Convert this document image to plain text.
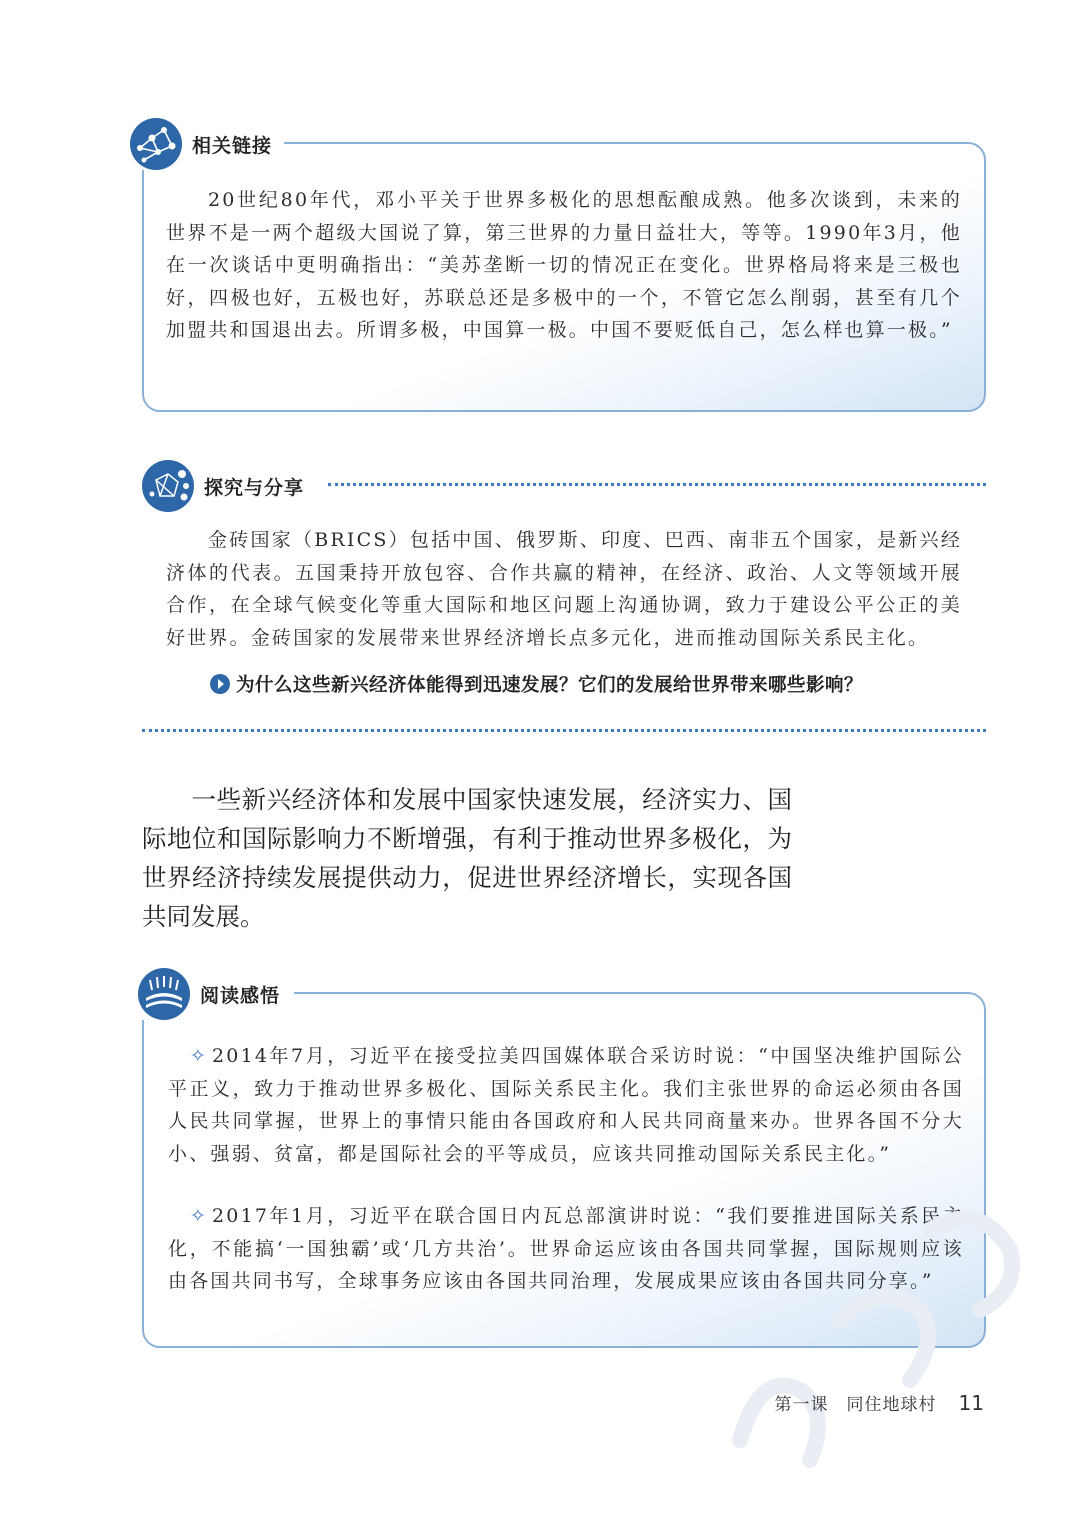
相关链接

20世纪80年代，邓小平关于世界多极化的思想酝酿成熟。他多次谈到，未来的世界不是一两个超级大国说了算，第三世界的力量日益壮大，等等。1990年3月，他在一次谈话中更明确指出：“美苏垄断一切的情况正在变化。世界格局将来是三极也好，四极也好，五极也好，苏联总还是多极中的一个，不管它怎么削弱，甚至有几个加盟共和国退出去。所谓多极，中国算一极。中国不要贬低自己，怎么样也算一极。”

探究与分享

金砖国家（BRICS）包括中国、俄罗斯、印度、巴西、南非五个国家，是新兴经济体的代表。五国秉持开放包容、合作共赢的精神，在经济、政治、人文等领域开展合作，在全球气候变化等重大国际和地区问题上沟通协调，致力于建设公平公正的美好世界。金砖国家的发展带来世界经济增长点多元化，进而推动国际关系民主化。

为什么这些新兴经济体能得到迅速发展？它们的发展给世界带来哪些影响？

一些新兴经济体和发展中国家快速发展，经济实力、国际地位和国际影响力不断增强，有利于推动世界多极化，为世界经济持续发展提供动力，促进世界经济增长，实现各国共同发展。

阅读感悟

✧ 2014年7月，习近平在接受拉美四国媒体联合采访时说：“中国坚决维护国际公平正义，致力于推动世界多极化、国际关系民主化。我们主张世界的命运必须由各国人民共同掌握，世界上的事情只能由各国政府和人民共同商量来办。世界各国不分大小、强弱、贫富，都是国际社会的平等成员，应该共同推动国际关系民主化。”

✧ 2017年1月，习近平在联合国日内瓦总部演讲时说：“我们要推进国际关系民主化，不能搞‘一国独霸’或‘几方共治’。世界命运应该由各国共同掌握，国际规则应该由各国共同书写，全球事务应该由各国共同治理，发展成果应该由各国共同分享。”

第一课　同住地球村 11
